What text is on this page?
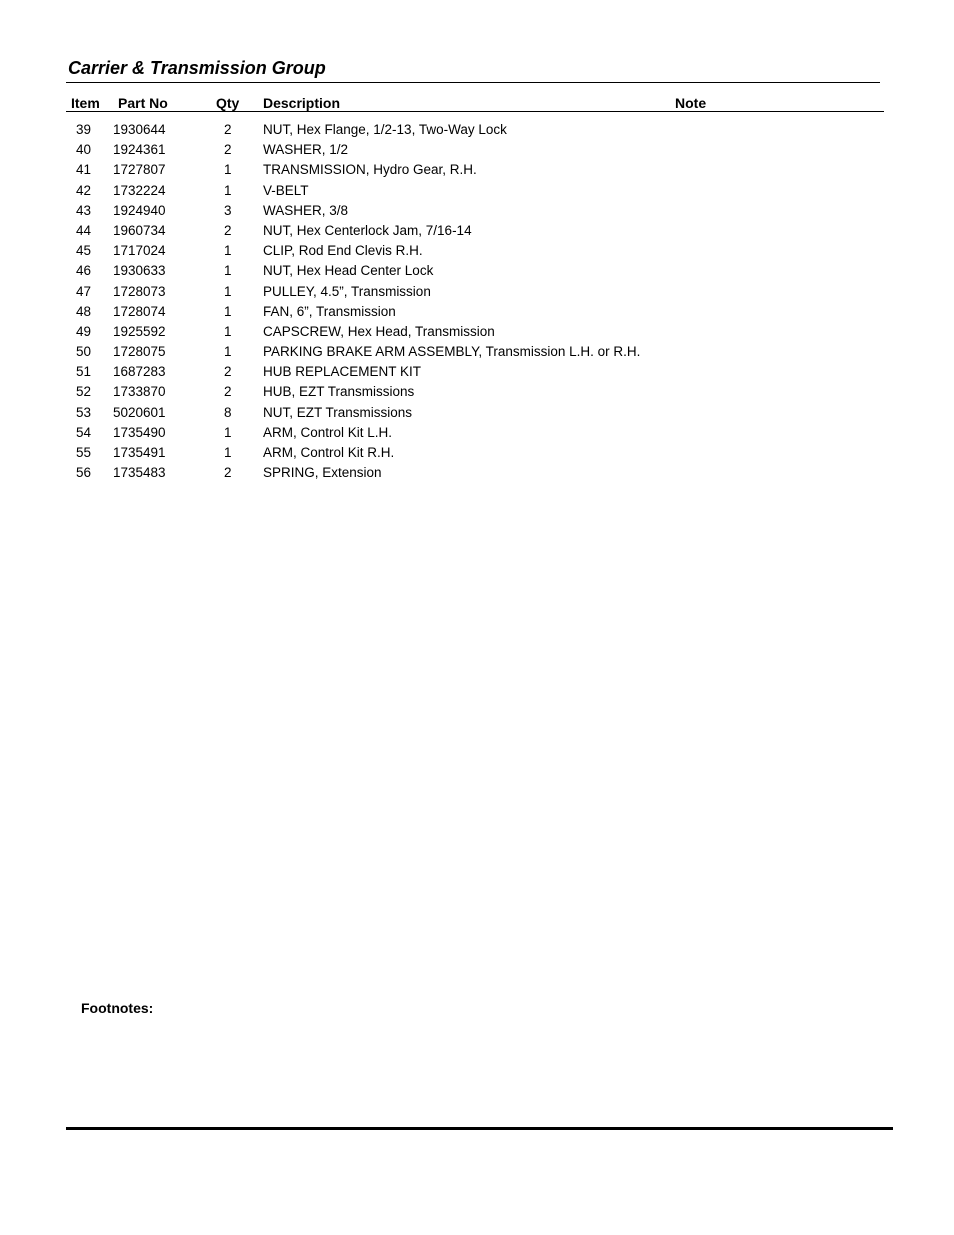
Carrier & Transmission Group
Item Part No	Qty Description	Note
39 1930644	2 NUT, Hex Flange, 1/2-13, Two-Way Lock
40 1924361	2 WASHER, 1/2
41 1727807	1 TRANSMISSION, Hydro Gear, R.H.
42 1732224	1 V-BELT
43 1924940	3 WASHER, 3/8
44 1960734	2 NUT, Hex Centerlock Jam, 7/16-14
45 1717024	1 CLIP, Rod End Clevis R.H.
46 1930633	1 NUT, Hex Head Center Lock
47 1728073	1 PULLEY, 4.5”, Transmission
48 1728074	1 FAN, 6”, Transmission
49 1925592	1 CAPSCREW, Hex Head, Transmission
50 1728075	1 PARKING BRAKE ARM ASSEMBLY, Transmission L.H. or R.H.
51 1687283	2 HUB REPLACEMENT KIT
52 1733870	2 HUB, EZT Transmissions
53 5020601	8 NUT, EZT Transmissions
54 1735490	1 ARM, Control Kit L.H.
55 1735491	1 ARM, Control Kit R.H.
56 1735483	2 SPRING, Extension
Footnotes:
